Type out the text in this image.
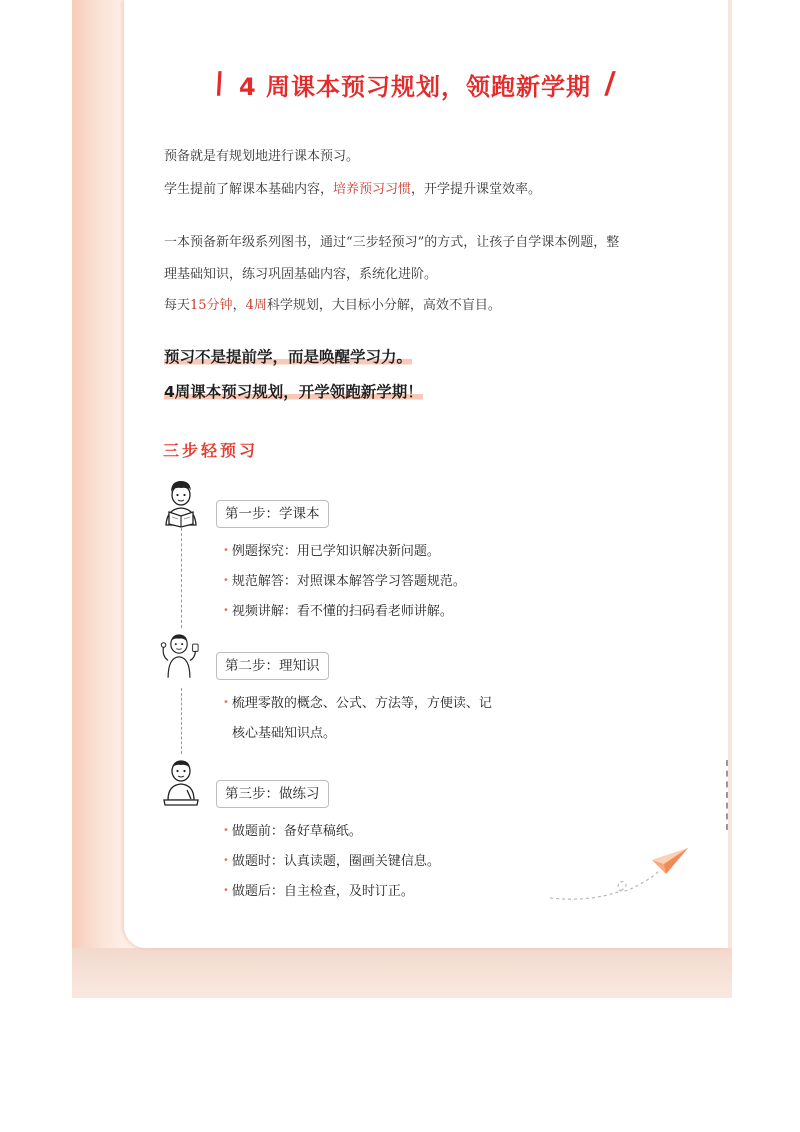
\ 4 周课本预习规划，领跑新学期 /
预备就是有规划地进行课本预习。
学生提前了解课本基础内容，培养预习习惯，开学提升课堂效率。
一本预备新年级系列图书，通过“三步轻预习”的方式，让孩子自学课本例题，整
理基础知识，练习巩固基础内容，系统化进阶。
每天15分钟，4周科学规划，大目标小分解，高效不盲目。
预习不是提前学，而是唤醒学习力。
4周课本预习规划，开学领跑新学期！
三步轻预习
第一步：学课本
• 例题探究：用已学知识解决新问题。
• 规范解答：对照课本解答学习答题规范。
• 视频讲解：看不懂的扫码看老师讲解。
第二步：理知识
• 梳理零散的概念、公式、方法等，方便读、记
核心基础知识点。
第三步：做练习
• 做题前：备好草稿纸。
• 做题时：认真读题，圈画关键信息。
• 做题后：自主检查，及时订正。
